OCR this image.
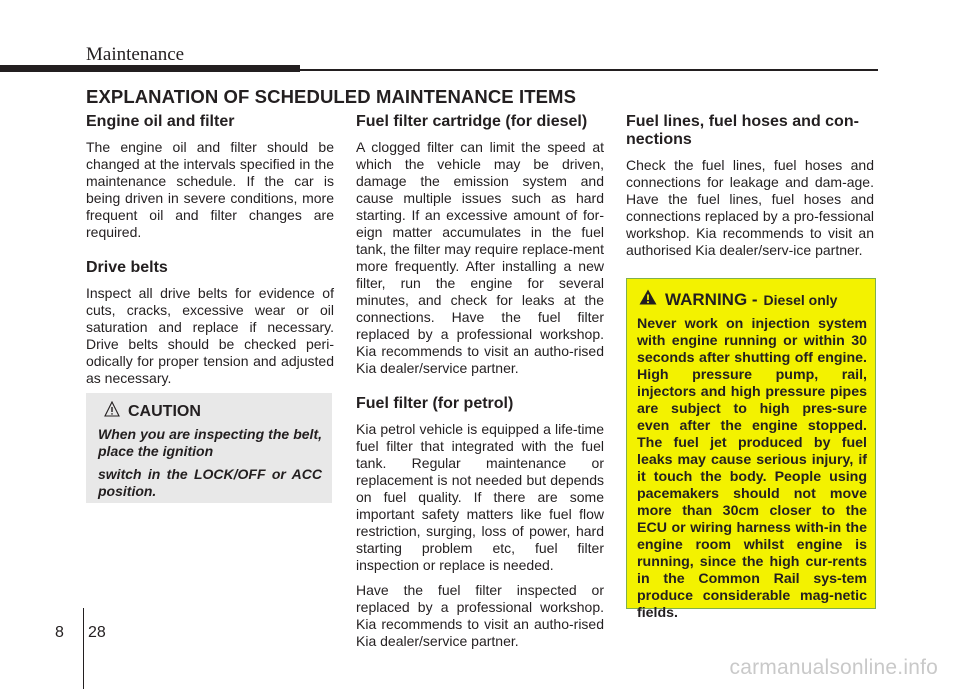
Maintenance
EXPLANATION OF SCHEDULED MAINTENANCE ITEMS
Engine oil and filter

The engine oil and filter should be changed at the intervals specified in the maintenance schedule. If the car is being driven in severe conditions, more frequent oil and filter changes are required.

Drive belts

Inspect all drive belts for evidence of cuts, cracks, excessive wear or oil saturation and replace if necessary. Drive belts should be checked peri-odically for proper tension and adjusted as necessary.

CAUTION

When you are inspecting the belt, place the ignition

switch in the LOCK/OFF or ACC position.

Fuel filter cartridge (for diesel)

A clogged filter can limit the speed at which the vehicle may be driven, damage the emission system and cause multiple issues such as hard starting. If an excessive amount of for-eign matter accumulates in the fuel tank, the filter may require replace-ment more frequently. After installing a new filter, run the engine for several minutes, and check for leaks at the connections. Have the fuel filter replaced by a professional workshop. Kia recommends to visit an autho-rised Kia dealer/service partner.

Fuel filter (for petrol)

Kia petrol vehicle is equipped a life-time fuel filter that integrated with the fuel tank. Regular maintenance or replacement is not needed but depends on fuel quality. If there are some important safety matters like fuel flow restriction, surging, loss of power, hard starting problem etc, fuel filter inspection or replace is needed.

Have the fuel filter inspected or replaced by a professional workshop. Kia recommends to visit an autho-rised Kia dealer/service partner.

Fuel lines, fuel hoses and con-nections

Check the fuel lines, fuel hoses and connections for leakage and dam-age. Have the fuel lines, fuel hoses and connections replaced by a pro-fessional workshop. Kia recommends to visit an authorised Kia dealer/serv-ice partner.

WARNING - Diesel only

Never work on injection system with engine running or within 30 seconds after shutting off engine. High pressure pump, rail, injectors and high pressure pipes are subject to high pres-sure even after the engine stopped. The fuel jet produced by fuel leaks may cause serious injury, if it touch the body. People using pacemakers should not move more than 30cm closer to the ECU or wiring harness with-in the engine room whilst engine is running, since the high cur-rents in the Common Rail sys-tem produce considerable mag-netic fields.

8 28
carmanualsonline.info
